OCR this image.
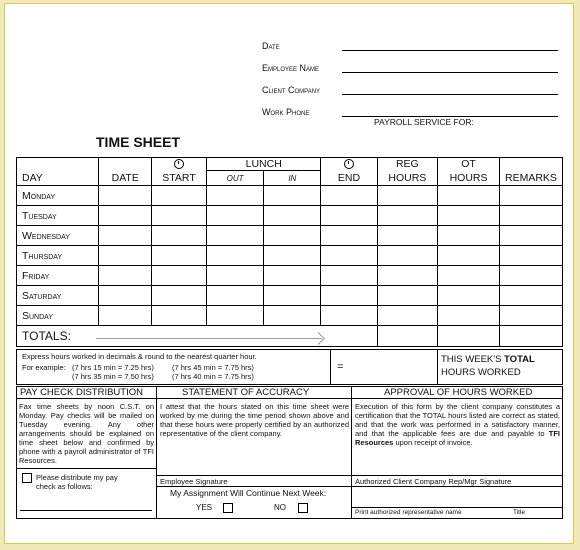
Date
Employee Name
Client Company
Work Phone
PAYROLL SERVICE FOR:
TIME SHEET
			LUNCH			REG	OT	
DAY	DATE	START	OUT	IN	END	HOURS	HOURS	REMARKS
Monday								
Tuesday								
Wednesday								
Thursday								
Friday								
Saturday								
Sunday								
TOTALS:								
Express hours worked in decimals & round to the nearest quarter hour.
For example: (7 hrs 15 min = 7.25 hrs) (7 hrs 45 min = 7.75 hrs)
(7 hrs 35 min = 7.50 hrs) (7 hrs 40 min = 7.75 hrs)
=
THIS WEEK'S TOTAL
HOURS WORKED
PAY CHECK DISTRIBUTION	STATEMENT OF ACCURACY	APPROVAL OF HOURS WORKED
Fax time sheets by noon C.S.T. on Monday. Pay checks will be mailed on Tuesday evening. Any other arrangements should be explained on time sheet below and confirmed by phone with a payroll administrator of TFI Resources.
Please distribute my pay check as follows:
I attest that the hours stated on this time sheet were worked by me during the time period shown above and that these hours were properly certified by an authorized representative of the client company.
Employee Signature
My Assignment Will Continue Next Week:
YES	NO
Execution of this form by the client company constitutes a certification that the TOTAL hours listed are correct as stated, and that the work was performed in a satisfactory manner, and that the applicable fees are due and payable to TFI Resources upon receipt of invoice.
Authorized Client Company Rep/Mgr Signature
Print authorized representative name	Title
